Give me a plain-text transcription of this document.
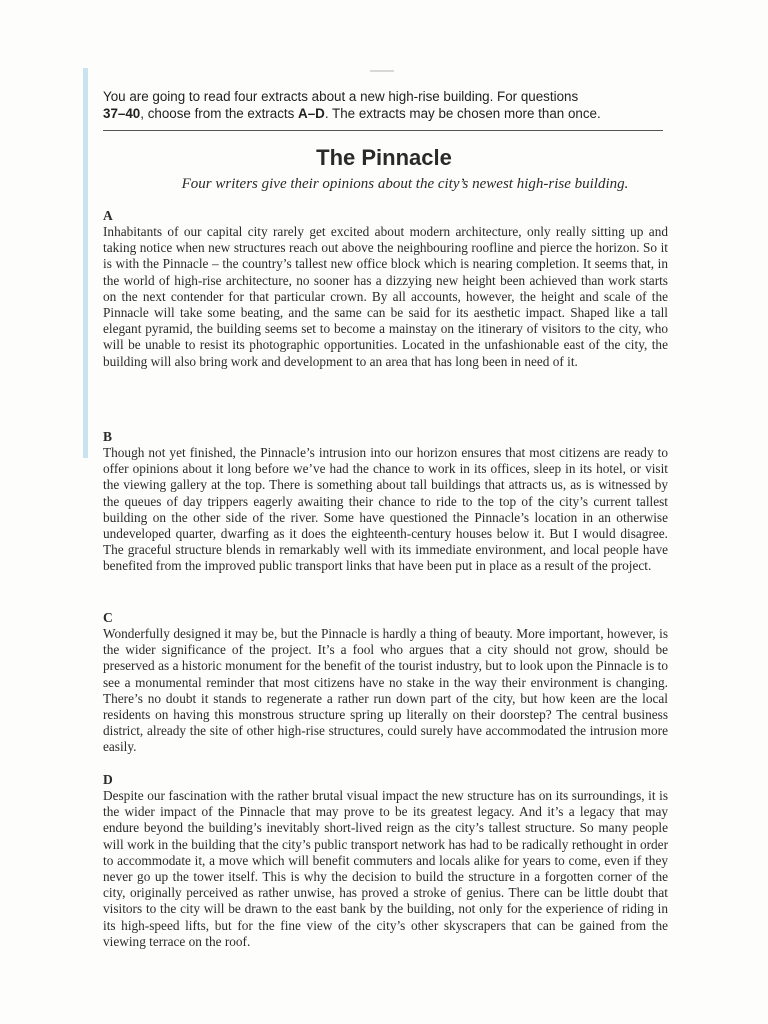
You are going to read four extracts about a new high-rise building. For questions
37–40, choose from the extracts A–D. The extracts may be chosen more than once.
The Pinnacle
Four writers give their opinions about the city’s newest high-rise building.
A
Inhabitants of our capital city rarely get excited about modern architecture, only really sitting up and taking notice when new structures reach out above the neighbouring roofline and pierce the horizon. So it is with the Pinnacle – the country’s tallest new office block which is nearing completion. It seems that, in the world of high-rise architecture, no sooner has a dizzying new height been achieved than work starts on the next contender for that particular crown. By all accounts, however, the height and scale of the Pinnacle will take some beating, and the same can be said for its aesthetic impact. Shaped like a tall elegant pyramid, the building seems set to become a mainstay on the itinerary of visitors to the city, who will be unable to resist its photographic opportunities. Located in the unfashionable east of the city, the building will also bring work and development to an area that has long been in need of it.
B
Though not yet finished, the Pinnacle’s intrusion into our horizon ensures that most citizens are ready to offer opinions about it long before we’ve had the chance to work in its offices, sleep in its hotel, or visit the viewing gallery at the top. There is something about tall buildings that attracts us, as is witnessed by the queues of day trippers eagerly awaiting their chance to ride to the top of the city’s current tallest building on the other side of the river. Some have questioned the Pinnacle’s location in an otherwise undeveloped quarter, dwarfing as it does the eighteenth-century houses below it. But I would disagree. The graceful structure blends in remarkably well with its immediate environment, and local people have benefited from the improved public transport links that have been put in place as a result of the project.
C
Wonderfully designed it may be, but the Pinnacle is hardly a thing of beauty. More important, however, is the wider significance of the project. It’s a fool who argues that a city should not grow, should be preserved as a historic monument for the benefit of the tourist industry, but to look upon the Pinnacle is to see a monumental reminder that most citizens have no stake in the way their environment is changing. There’s no doubt it stands to regenerate a rather run down part of the city, but how keen are the local residents on having this monstrous structure spring up literally on their doorstep? The central business district, already the site of other high-rise structures, could surely have accommodated the intrusion more easily.
D
Despite our fascination with the rather brutal visual impact the new structure has on its surroundings, it is the wider impact of the Pinnacle that may prove to be its greatest legacy. And it’s a legacy that may endure beyond the building’s inevitably short-lived reign as the city’s tallest structure. So many people will work in the building that the city’s public transport network has had to be radically rethought in order to accommodate it, a move which will benefit commuters and locals alike for years to come, even if they never go up the tower itself. This is why the decision to build the structure in a forgotten corner of the city, originally perceived as rather unwise, has proved a stroke of genius. There can be little doubt that visitors to the city will be drawn to the east bank by the building, not only for the experience of riding in its high-speed lifts, but for the fine view of the city’s other skyscrapers that can be gained from the viewing terrace on the roof.
